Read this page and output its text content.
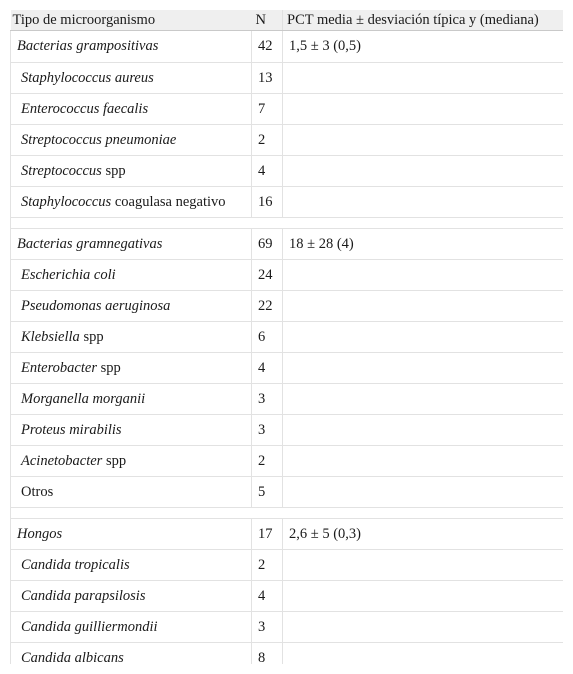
Tipo de microorganismo	N	PCT media ± desviación típica y (mediana)
Bacterias grampositivas	42	1,5 ± 3 (0,5)
Staphylococcus aureus	13	
Enterococcus faecalis	7	
Streptococcus pneumoniae	2	
Streptococcus spp	4	
Staphylococcus coagulasa negativo	16	

Bacterias gramnegativas	69	18 ± 28 (4)
Escherichia coli	24	
Pseudomonas aeruginosa	22	
Klebsiella spp	6	
Enterobacter spp	4	
Morganella morganii	3	
Proteus mirabilis	3	
Acinetobacter spp	2	
Otros	5	

Hongos	17	2,6 ± 5 (0,3)
Candida tropicalis	2	
Candida parapsilosis	4	
Candida guilliermondii	3	
Candida albicans	8	
